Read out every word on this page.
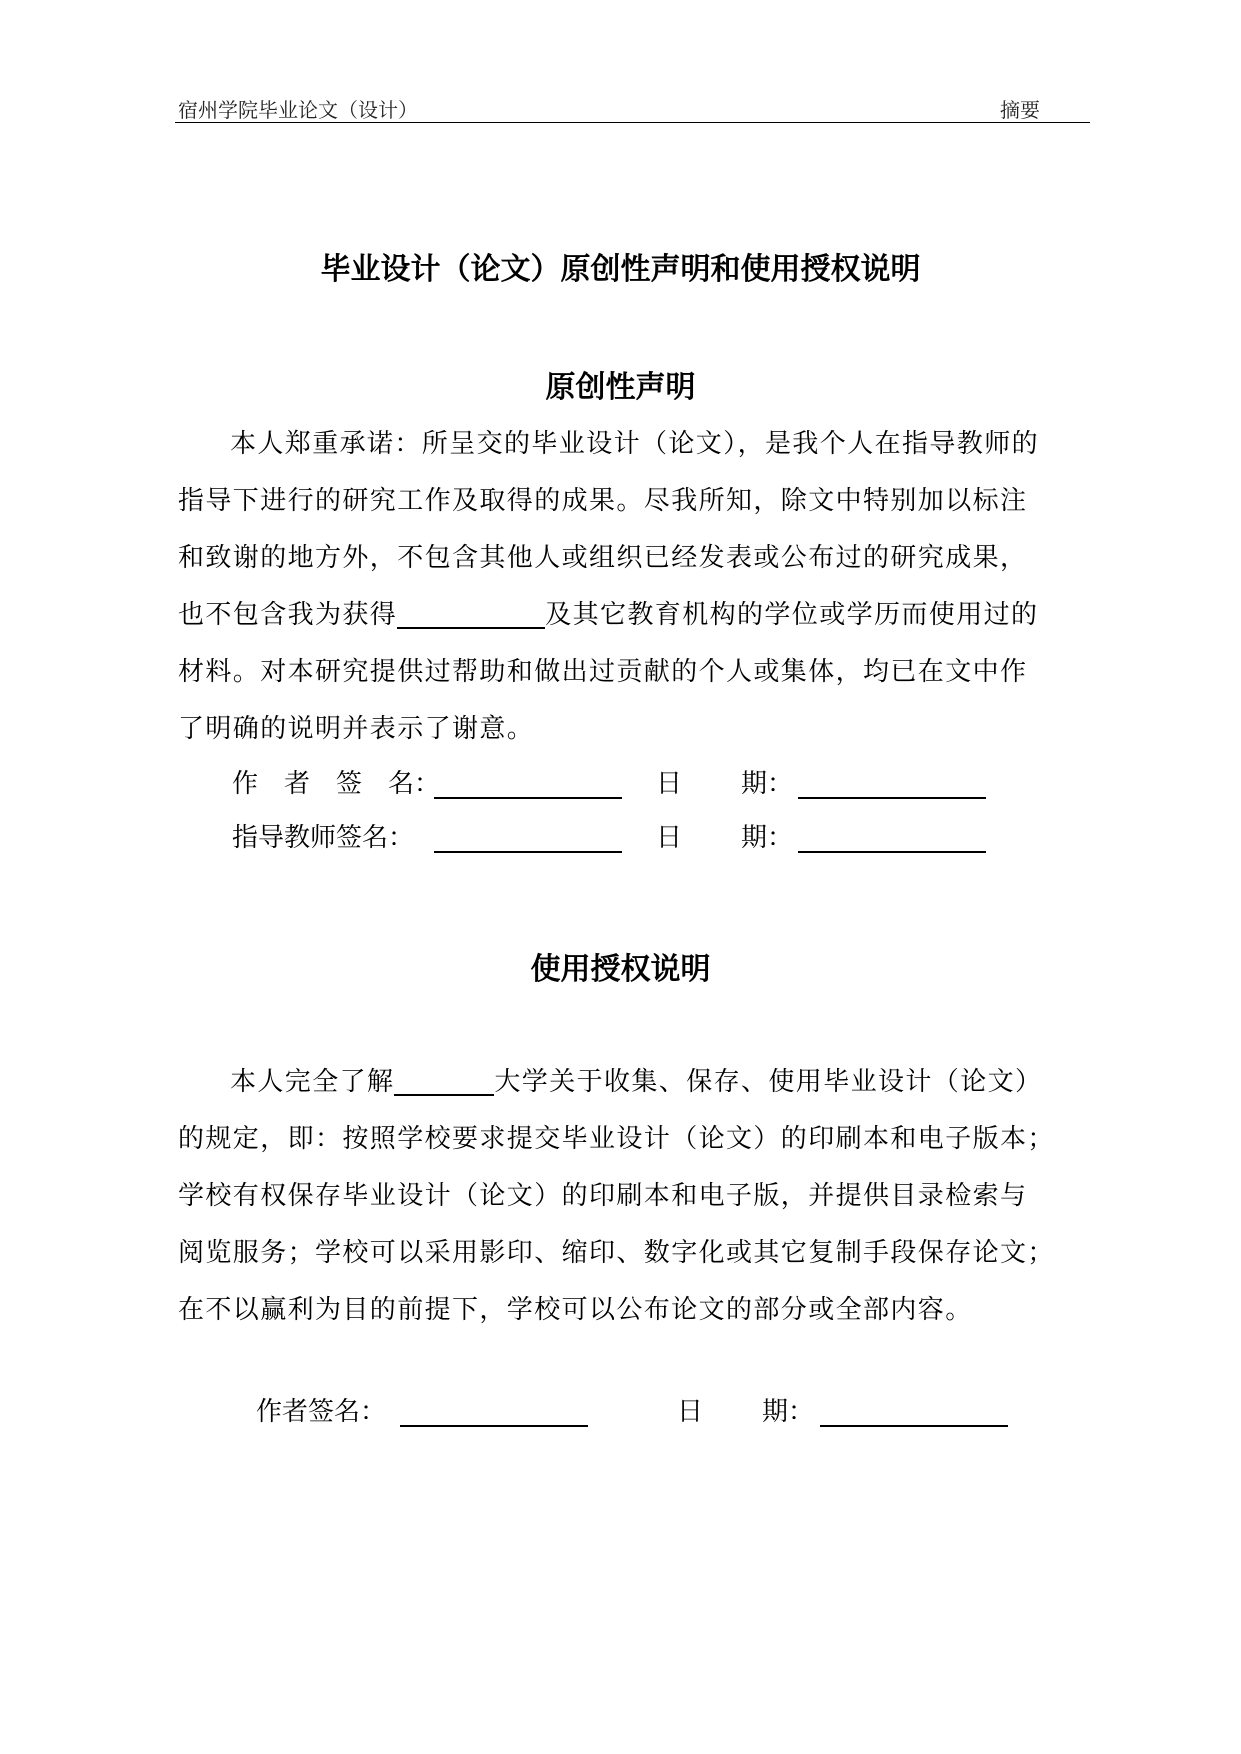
宿州学院毕业论文（设计）	摘要
毕业设计（论文）原创性声明和使用授权说明
原创性声明
本人郑重承诺：所呈交的毕业设计（论文），是我个人在指导教师的
指导下进行的研究工作及取得的成果。尽我所知，除文中特别加以标注
和致谢的地方外，不包含其他人或组织已经发表或公布过的研究成果，
也不包含我为获得	及其它教育机构的学位或学历而使用过的
材料。对本研究提供过帮助和做出过贡献的个人或集体，均已在文中作
了明确的说明并表示了谢意。
作　者　签　名：	日 期：
指导教师签名：	日 期：
使用授权说明
本人完全了解	大学关于收集、保存、使用毕业设计（论文）
的规定，即：按照学校要求提交毕业设计（论文）的印刷本和电子版本；
学校有权保存毕业设计（论文）的印刷本和电子版，并提供目录检索与
阅览服务；学校可以采用影印、缩印、数字化或其它复制手段保存论文；
在不以赢利为目的前提下，学校可以公布论文的部分或全部内容。
作者签名：	日 期：
